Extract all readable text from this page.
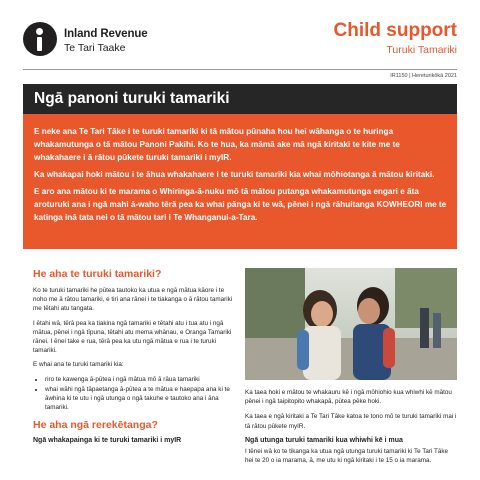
Inland Revenue
Te Tari Taake
Child support
Turuki Tamariki
IR1150 | Hereturikōkā 2021
Ngā panoni turuki tamariki

E neke ana Te Tari Tāke i te turuki tamariki ki tā mātou pūnaha hou hei wāhanga o te huringa whakamutunga o tā mātou Panoni Pakihi. Ko te hua, ka māmā ake mā ngā kiritaki te kite me te whakahaere i ā rātou pūkete turuki tamariki i myIR.

Ka whakapai hoki mātou i te āhua whakahaere i te turuki tamariki kia whai mōhiotanga ā mātou kiritaki.

E aro ana mātou ki te marama o Whiringa-ā-nuku mō tā mātou putanga whakamutunga engari e āta aroturuki ana i ngā mahi ā-waho tērā pea ka whai pānga ki te wā, pēnei i ngā rāhuitanga KOWHEORI me te katinga inā tata nei o tā mātou tari i Te Whanganui-a-Tara.

He aha te turuki tamariki?

Ko te turuki tamariki he pūtea tautoko ka utua e ngā mātua kāore i te noho me ā rātou tamariki, e tiri ana rānei i te tiakanga o ā rātou tamariki me tētahi atu tangata.

I ētahi wā, tērā pea ka tiakina ngā tamariki e tētahi atu i tua atu i ngā mātua, pēnei i ngā tīpuna, tētahi atu mema whānau, e Oranga Tamariki rānei. I ēnei take e rua, tērā pea ka utu ngā mātua e rua i te turuki tamariki.

E whai ana te turuki tamariki kia:

• riro te kawenga ā-pūtea i ngā mātua mō ā rāua tamariki
• whai wāhi ngā tāpaetanga ā-pūtea a te mātua e haepapa ana ki te āwhina ki te utu i ngā utunga o ngā takuhe e tautoko ana i āna tamariki.
He aha ngā rerekētanga?
Ngā whakapainga ki te turuki tamariki i myIR

Ka taea hoki e mātou te whakauru kē i ngā mōhiohio kua whiwhi kē mātou pēnei i ngā taipitopito whakapā, pūtea pēke hoki.

Ka taea e ngā kiritaki a Te Tari Tāke katoa te tono mō te turuki tamariki mai i tā rātou pūkete myIR.

Ngā utunga turuki tamariki kua whiwhi kē i mua

I tēnei wā ko te tikanga ka utua ngā utunga turuki tamariki ki Te Tari Tāke hei te 20 o ia marama, ā, me utu ki ngā kiritaki i te 15 o ia marama.
